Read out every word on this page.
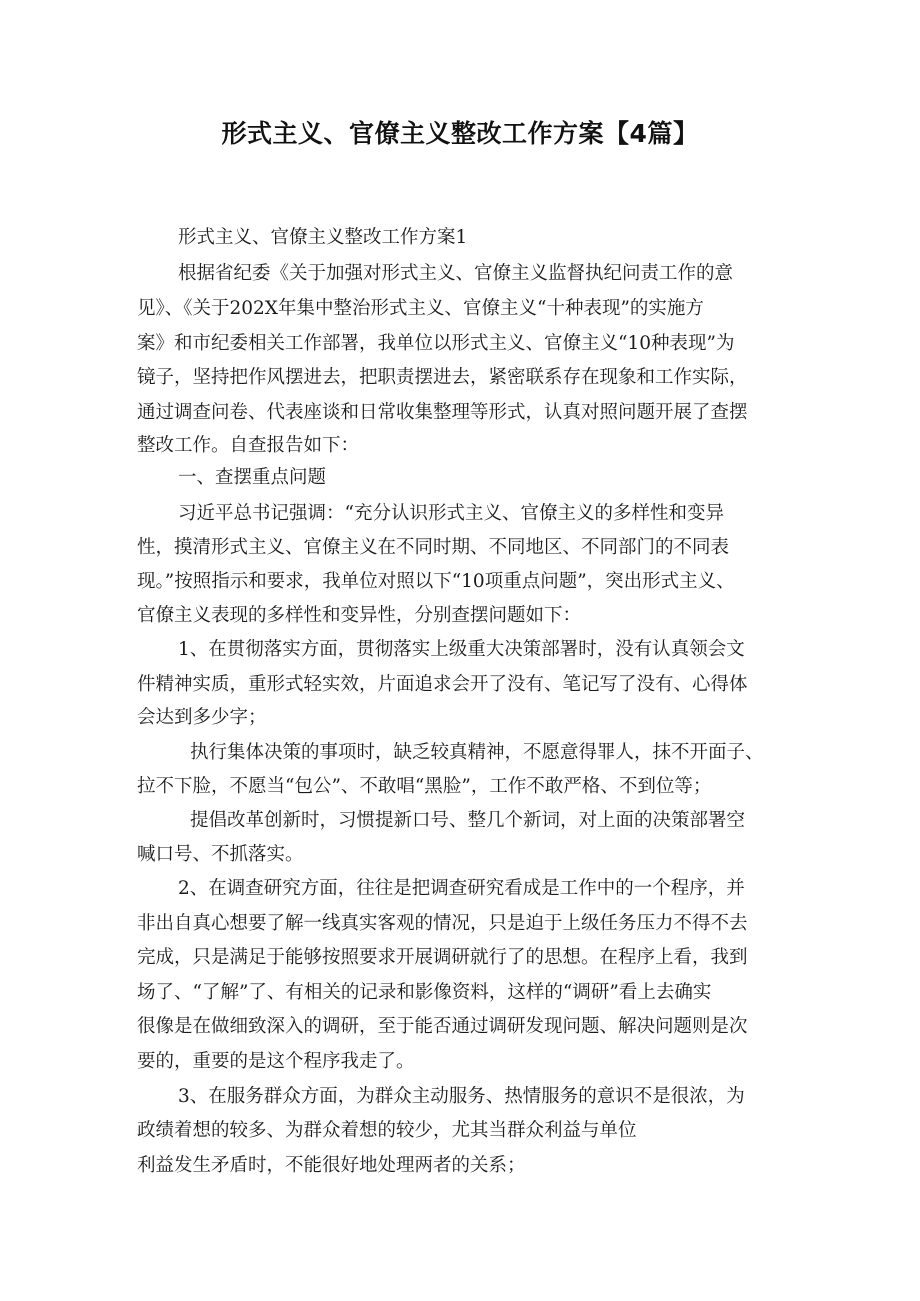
形式主义、官僚主义整改工作方案【4篇】
形式主义、官僚主义整改工作方案1
根据省纪委《关于加强对形式主义、官僚主义监督执纪问责工作的意
见》、《关于202X年集中整治形式主义、官僚主义“十种表现”的实施方
案》和市纪委相关工作部署，我单位以形式主义、官僚主义“10种表现”为
镜子，坚持把作风摆进去，把职责摆进去，紧密联系存在现象和工作实际，
通过调查问卷、代表座谈和日常收集整理等形式，认真对照问题开展了查摆
整改工作。自查报告如下：
一、查摆重点问题
习近平总书记强调：“充分认识形式主义、官僚主义的多样性和变异
性，摸清形式主义、官僚主义在不同时期、不同地区、不同部门的不同表
现。”按照指示和要求，我单位对照以下“10项重点问题”，突出形式主义、
官僚主义表现的多样性和变异性，分别查摆问题如下：
1、在贯彻落实方面，贯彻落实上级重大决策部署时，没有认真领会文
件精神实质，重形式轻实效，片面追求会开了没有、笔记写了没有、心得体
会达到多少字；
执行集体决策的事项时，缺乏较真精神，不愿意得罪人，抹不开面子、
拉不下脸，不愿当“包公”、不敢唱“黑脸”，工作不敢严格、不到位等；
提倡改革创新时，习惯提新口号、整几个新词，对上面的决策部署空
喊口号、不抓落实。
2、在调查研究方面，往往是把调查研究看成是工作中的一个程序，并
非出自真心想要了解一线真实客观的情况，只是迫于上级任务压力不得不去
完成，只是满足于能够按照要求开展调研就行了的思想。在程序上看，我到
场了、“了解”了、有相关的记录和影像资料，这样的“调研”看上去确实
很像是在做细致深入的调研，至于能否通过调研发现问题、解决问题则是次
要的，重要的是这个程序我走了。
3、在服务群众方面，为群众主动服务、热情服务的意识不是很浓，为
政绩着想的较多、为群众着想的较少，尤其当群众利益与单位
利益发生矛盾时，不能很好地处理两者的关系；
